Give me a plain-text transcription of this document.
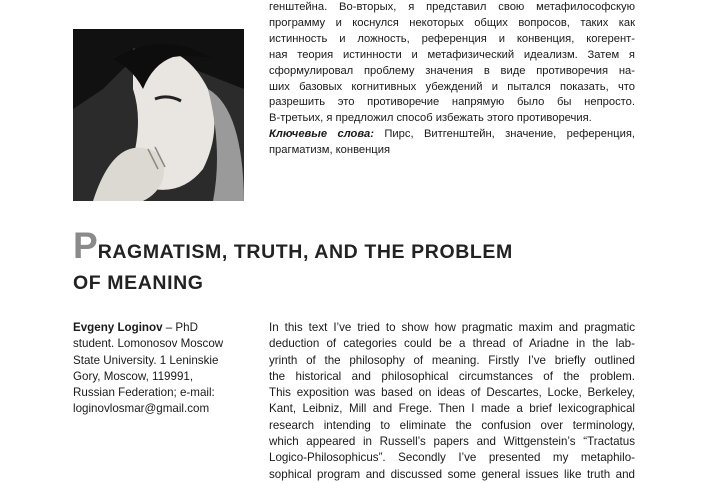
генштейна. Во-вторых, я представил свою метафилософскую
программу и коснулся некоторых общих вопросов, таких как
истинность и ложность, референция и конвенция, когерент-
ная теория истинности и метафизический идеализм. Затем я
сформулировал проблему значения в виде противоречия на-
ших базовых когнитивных убеждений и пытался показать, что
разрешить это противоречие напрямую было бы непросто.
В-третьих, я предложил способ избежать этого противоречия.
Ключевые слова: Пирс, Витгенштейн, значение, референция,
прагматизм, конвенция
PRAGMATISM, TRUTH, AND THE PROBLEM
OF MEANING
Evgeny Loginov – PhD
student. Lomonosov Moscow
State University. 1 Leninskie
Gory, Moscow, 119991,
Russian Federation; e-mail:
loginovlosmar@gmail.com
In this text I’ve tried to show how pragmatic maxim and pragmatic
deduction of categories could be a thread of Ariadne in the lab-
yrinth of the philosophy of meaning. Firstly I’ve briefly outlined
the historical and philosophical circumstances of the problem.
This exposition was based on ideas of Descartes, Locke, Berkeley,
Kant, Leibniz, Mill and Frege. Then I made a brief lexicographical
research intending to eliminate the confusion over terminology,
which appeared in Russell’s papers and Wittgenstein’s “Tractatus
Logico-Philosophicus”. Secondly I’ve presented my metaphilo-
sophical program and discussed some general issues like truth and
